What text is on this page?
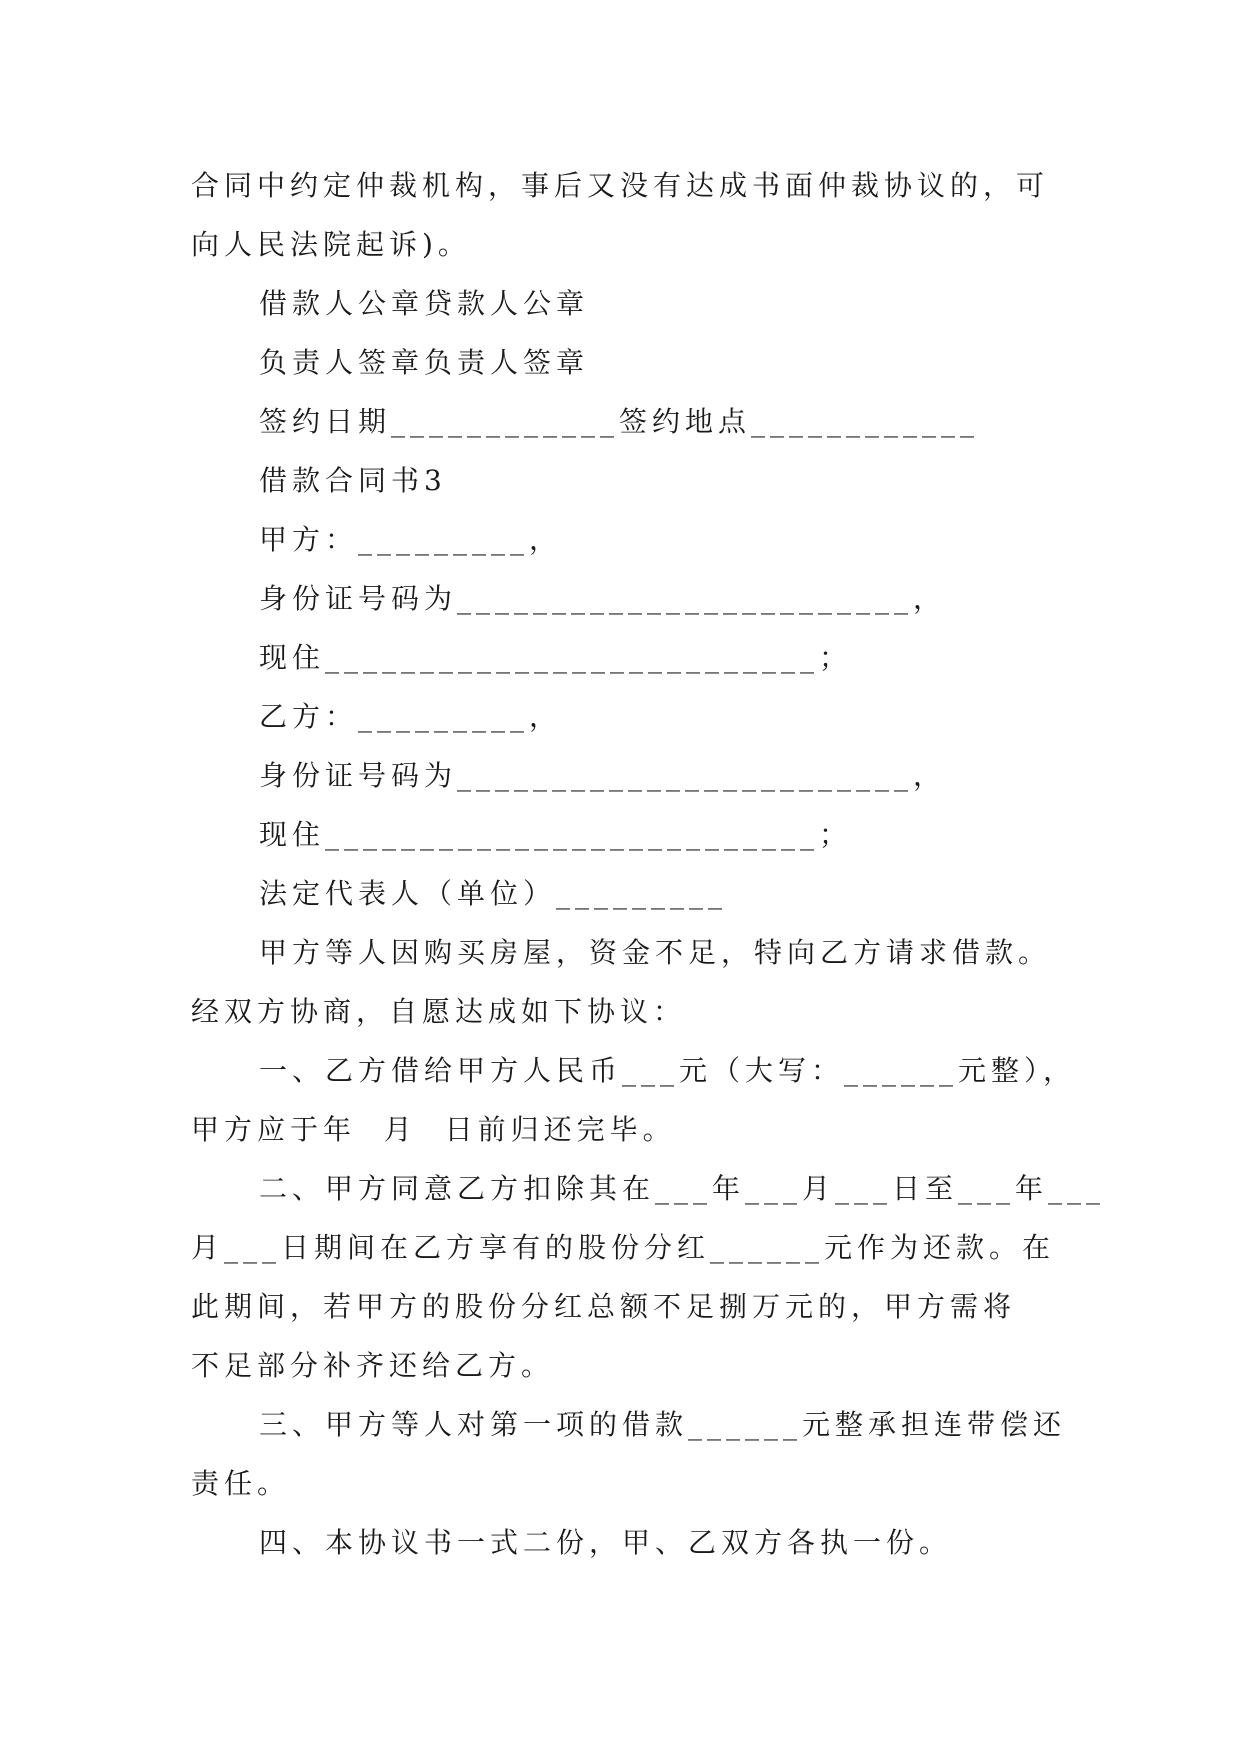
合同中约定仲裁机构，事后又没有达成书面仲裁协议的，可
向人民法院起诉)。
借款人公章贷款人公章
负责人签章负责人签章
签约日期____________签约地点____________
借款合同书3
甲方：_________，
身份证号码为________________________，
现住__________________________；
乙方：_________，
身份证号码为________________________，
现住__________________________；
法定代表人（单位）_________
甲方等人因购买房屋，资金不足，特向乙方请求借款。
经双方协商，自愿达成如下协议：
一、乙方借给甲方人民币___元（大写：______元整），
甲方应于年  月  日前归还完毕。
二、甲方同意乙方扣除其在___年___月___日至___年___
月___日期间在乙方享有的股份分红______元作为还款。在
此期间，若甲方的股份分红总额不足捌万元的，甲方需将
不足部分补齐还给乙方。
三、甲方等人对第一项的借款______元整承担连带偿还
责任。
四、本协议书一式二份，甲、乙双方各执一份。
